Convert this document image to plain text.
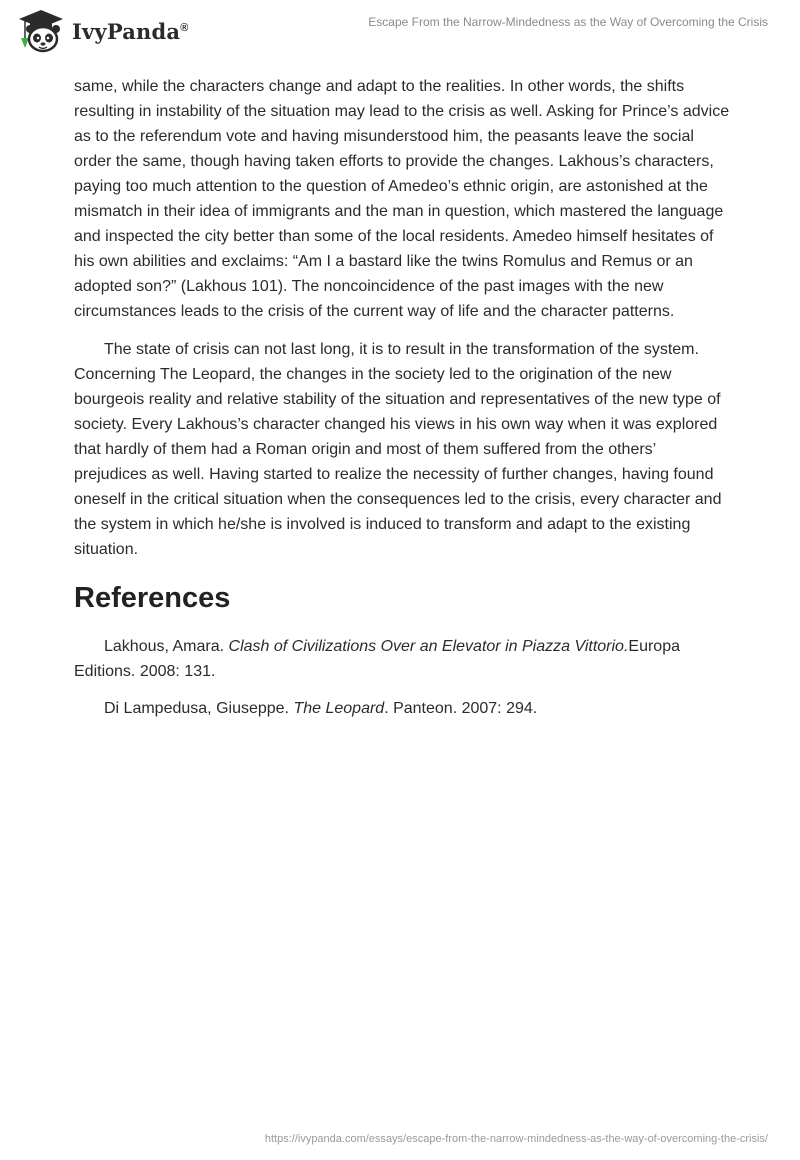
IvyPanda®	Escape From the Narrow-Mindedness as the Way of Overcoming the Crisis

same, while the characters change and adapt to the realities. In other words, the shifts resulting in instability of the situation may lead to the crisis as well. Asking for Prince’s advice as to the referendum vote and having misunderstood him, the peasants leave the social order the same, though having taken efforts to provide the changes. Lakhous’s characters, paying too much attention to the question of Amedeo’s ethnic origin, are astonished at the mismatch in their idea of immigrants and the man in question, which mastered the language and inspected the city better than some of the local residents. Amedeo himself hesitates of his own abilities and exclaims: “Am I a bastard like the twins Romulus and Remus or an adopted son?” (Lakhous 101). The noncoincidence of the past images with the new circumstances leads to the crisis of the current way of life and the character patterns.

The state of crisis can not last long, it is to result in the transformation of the system. Concerning The Leopard, the changes in the society led to the origination of the new bourgeois reality and relative stability of the situation and representatives of the new type of society. Every Lakhous’s character changed his views in his own way when it was explored that hardly of them had a Roman origin and most of them suffered from the others’ prejudices as well. Having started to realize the necessity of further changes, having found oneself in the critical situation when the consequences led to the crisis, every character and the system in which he/she is involved is induced to transform and adapt to the existing situation.

References

Lakhous, Amara. Clash of Civilizations Over an Elevator in Piazza Vittorio.Europa Editions. 2008: 131.

Di Lampedusa, Giuseppe. The Leopard. Panteon. 2007: 294.

https://ivypanda.com/essays/escape-from-the-narrow-mindedness-as-the-way-of-overcoming-the-crisis/
